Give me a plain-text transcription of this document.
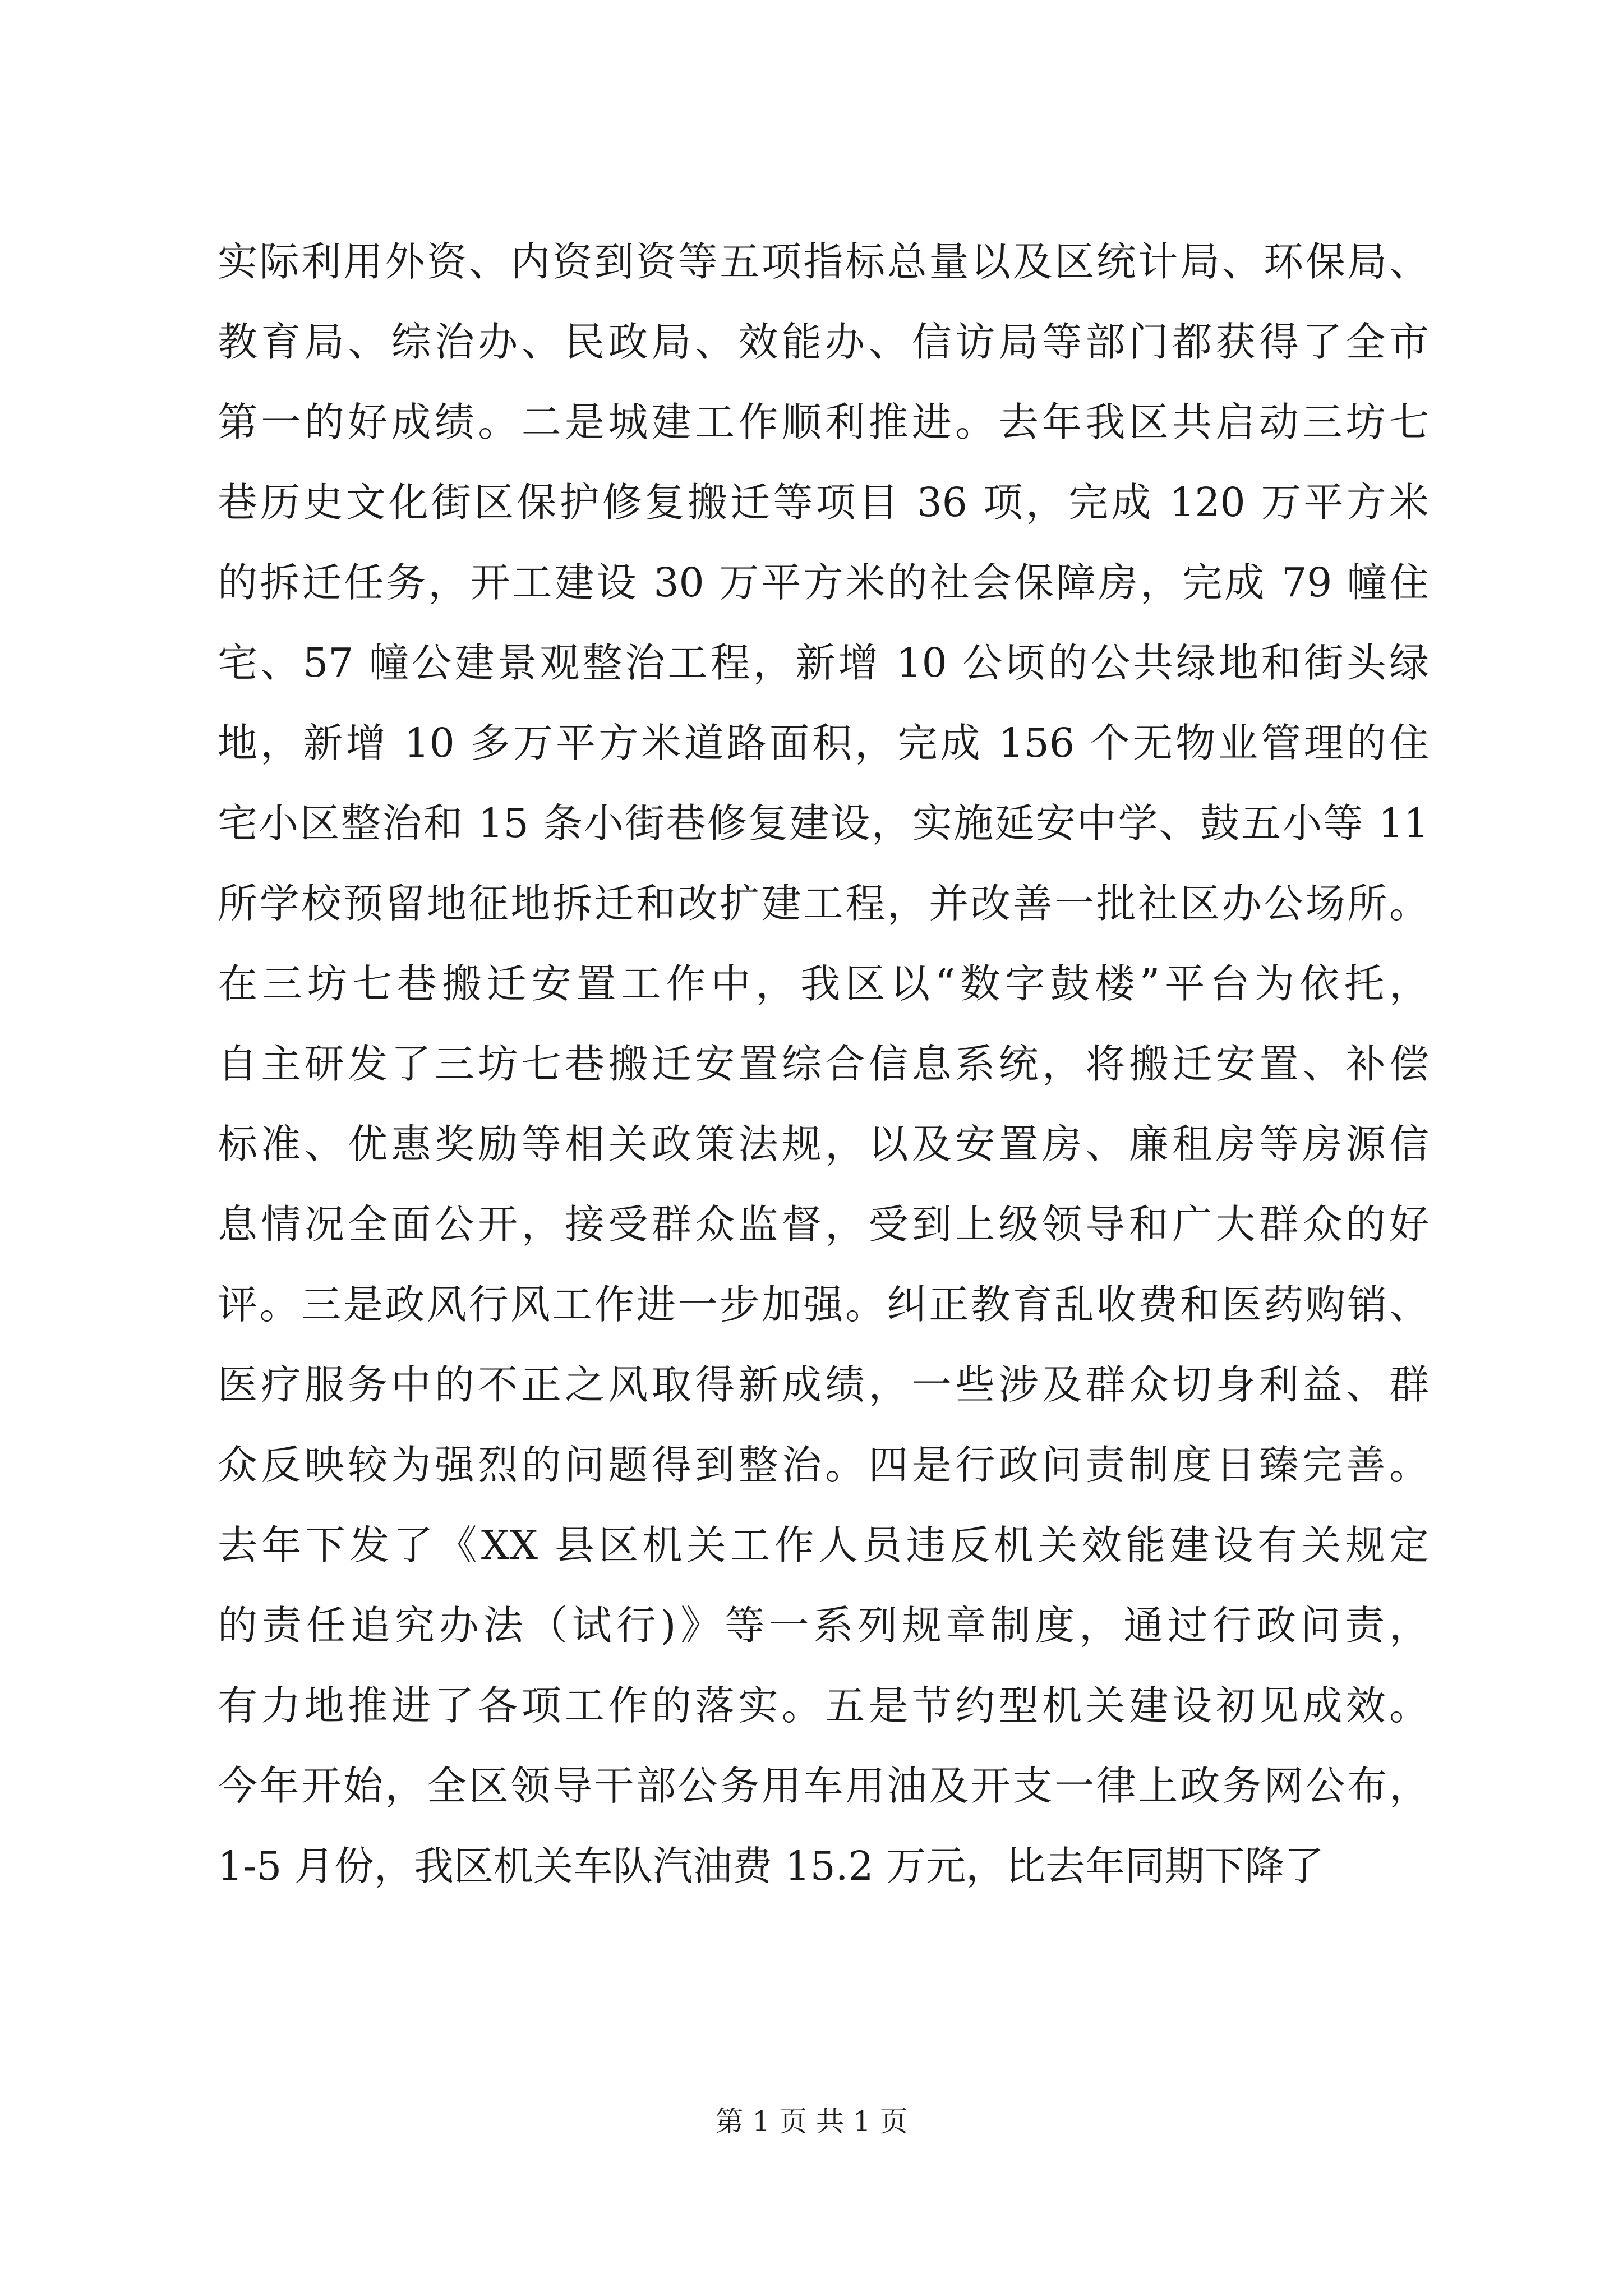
实际利用外资、内资到资等五项指标总量以及区统计局、环保局、
教育局、综治办、民政局、效能办、信访局等部门都获得了全市
第一的好成绩。二是城建工作顺利推进。去年我区共启动三坊七
巷历史文化街区保护修复搬迁等项目 36 项，完成 120 万平方米
的拆迁任务，开工建设 30 万平方米的社会保障房，完成 79 幢住
宅、57 幢公建景观整治工程，新增 10 公顷的公共绿地和街头绿
地，新增 10 多万平方米道路面积，完成 156 个无物业管理的住
宅小区整治和 15 条小街巷修复建设，实施延安中学、鼓五小等 11
所学校预留地征地拆迁和改扩建工程，并改善一批社区办公场所。
在三坊七巷搬迁安置工作中，我区以“数字鼓楼”平台为依托，
自主研发了三坊七巷搬迁安置综合信息系统，将搬迁安置、补偿
标准、优惠奖励等相关政策法规，以及安置房、廉租房等房源信
息情况全面公开，接受群众监督，受到上级领导和广大群众的好
评。三是政风行风工作进一步加强。纠正教育乱收费和医药购销、
医疗服务中的不正之风取得新成绩，一些涉及群众切身利益、群
众反映较为强烈的问题得到整治。四是行政问责制度日臻完善。
去年下发了《XX 县区机关工作人员违反机关效能建设有关规定
的责任追究办法（试行)》等一系列规章制度，通过行政问责，
有力地推进了各项工作的落实。五是节约型机关建设初见成效。
今年开始，全区领导干部公务用车用油及开支一律上政务网公布，
1-5 月份，我区机关车队汽油费 15.2 万元，比去年同期下降了
第 1 页 共 1 页
